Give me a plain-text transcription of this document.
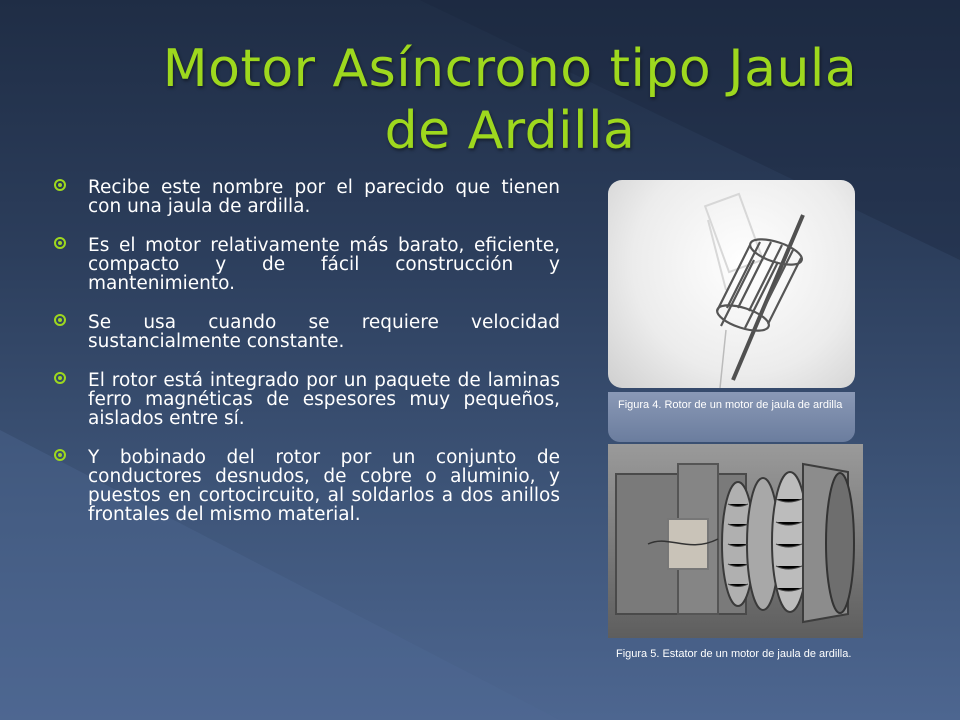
Motor Asíncrono tipo Jaula de Ardilla
Recibe este nombre por el parecido que tienen con una jaula de ardilla.
Es el motor relativamente más barato, eficiente, compacto y de fácil construcción y mantenimiento.
Se usa cuando se requiere velocidad sustancialmente constante.
El rotor está integrado por un paquete de laminas ferro magnéticas de espesores muy pequeños, aislados entre sí.
Y bobinado del rotor por un conjunto de conductores desnudos, de cobre o aluminio, y puestos en cortocircuito, al soldarlos a dos anillos frontales del mismo material.
Figura 4. Rotor de un motor de jaula de ardilla
Figura 5. Estator de un motor de jaula de ardilla.
